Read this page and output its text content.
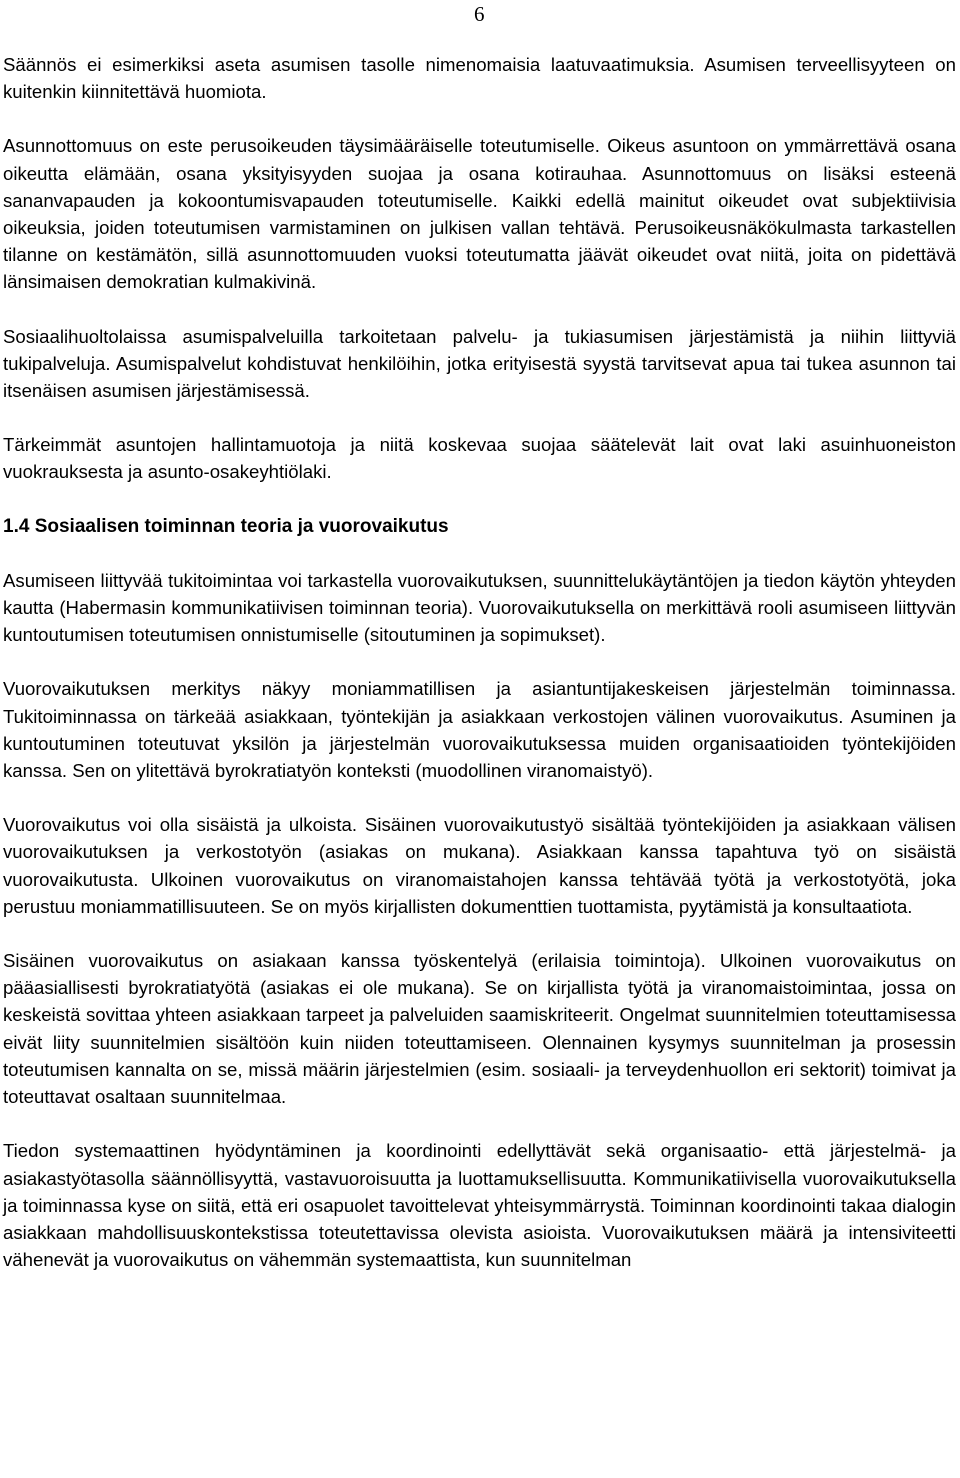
6

Säännös ei esimerkiksi aseta asumisen tasolle nimenomaisia laatuvaatimuksia. Asumisen terveellisyyteen on kuitenkin kiinnitettävä huomiota.

Asunnottomuus on este perusoikeuden täysimääräiselle toteutumiselle. Oikeus asuntoon on ymmärrettävä osana oikeutta elämään, osana yksityisyyden suojaa ja osana kotirauhaa. Asunnottomuus on lisäksi esteenä sananvapauden ja kokoontumisvapauden toteutumiselle. Kaikki edellä mainitut oikeudet ovat subjektiivisia oikeuksia, joiden toteutumisen varmistaminen on julkisen vallan tehtävä. Perusoikeusnäkökulmasta tarkastellen tilanne on kestämätön, sillä asunnottomuuden vuoksi toteutumatta jäävät oikeudet ovat niitä, joita on pidettävä länsimaisen demokratian kulmakivinä.

Sosiaalihuoltolaissa asumispalveluilla tarkoitetaan palvelu- ja tukiasumisen järjestämistä ja niihin liittyviä tukipalveluja. Asumispalvelut kohdistuvat henkilöihin, jotka erityisestä syystä tarvitsevat apua tai tukea asunnon tai itsenäisen asumisen järjestämisessä.

Tärkeimmät asuntojen hallintamuotoja ja niitä koskevaa suojaa säätelevät lait ovat laki asuinhuoneiston vuokrauksesta ja asunto-osakeyhtiölaki.

1.4 Sosiaalisen toiminnan teoria ja vuorovaikutus

Asumiseen liittyvää tukitoimintaa voi tarkastella vuorovaikutuksen, suunnittelukäytäntöjen ja tiedon käytön yhteyden kautta (Habermasin kommunikatiivisen toiminnan teoria). Vuorovaikutuksella on merkittävä rooli asumiseen liittyvän kuntoutumisen toteutumisen onnistumiselle (sitoutuminen ja sopimukset).

Vuorovaikutuksen merkitys näkyy moniammatillisen ja asiantuntijakeskeisen järjestelmän toiminnassa. Tukitoiminnassa on tärkeää asiakkaan, työntekijän ja asiakkaan verkostojen välinen vuorovaikutus. Asuminen ja kuntoutuminen toteutuvat yksilön ja järjestelmän vuorovaikutuksessa muiden organisaatioiden työntekijöiden kanssa. Sen on ylitettävä byrokratiatyön konteksti (muodollinen viranomaistyö).

Vuorovaikutus voi olla sisäistä ja ulkoista. Sisäinen vuorovaikutustyö sisältää työntekijöiden ja asiakkaan välisen vuorovaikutuksen ja verkostotyön (asiakas on mukana). Asiakkaan kanssa tapahtuva työ on sisäistä vuorovaikutusta. Ulkoinen vuorovaikutus on viranomaistahojen kanssa tehtävää työtä ja verkostotyötä, joka perustuu moniammatillisuuteen. Se on myös kirjallisten dokumenttien tuottamista, pyytämistä ja konsultaatiota.

Sisäinen vuorovaikutus on asiakaan kanssa työskentelyä (erilaisia toimintoja). Ulkoinen vuorovaikutus on pääasiallisesti byrokratiatyötä (asiakas ei ole mukana). Se on kirjallista työtä ja viranomaistoimintaa, jossa on keskeistä sovittaa yhteen asiakkaan tarpeet ja palveluiden saamiskriteerit. Ongelmat suunnitelmien toteuttamisessa eivät liity suunnitelmien sisältöön kuin niiden toteuttamiseen. Olennainen kysymys suunnitelman ja prosessin toteutumisen kannalta on se, missä määrin järjestelmien (esim. sosiaali- ja terveydenhuollon eri sektorit) toimivat ja toteuttavat osaltaan suunnitelmaa.

Tiedon systemaattinen hyödyntäminen ja koordinointi edellyttävät sekä organisaatio- että järjestelmä- ja asiakastyötasolla säännöllisyyttä, vastavuoroisuutta ja luottamuksellisuutta. Kommunikatiivisella vuorovaikutuksella ja toiminnassa kyse on siitä, että eri osapuolet tavoittelevat yhteisymmärrystä. Toiminnan koordinointi takaa dialogin asiakkaan mahdollisuuskontekstissa toteutettavissa olevista asioista. Vuorovaikutuksen määrä ja intensiviteetti vähenevät ja vuorovaikutus on vähemmän systemaattista, kun suunnitelman
